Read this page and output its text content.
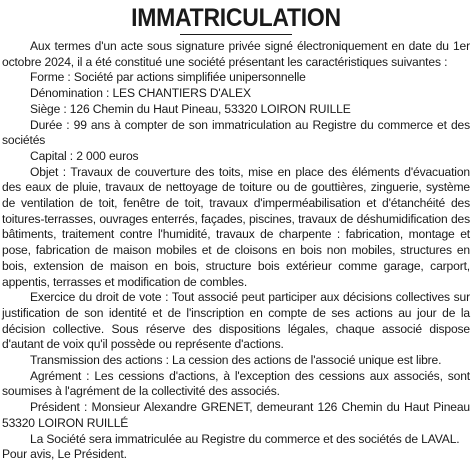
IMMATRICULATION

Aux termes d'un acte sous signature privée signé électroniquement en date du 1er octobre 2024, il a été constitué une société présentant les caractéristiques suivantes :

Forme : Société par actions simplifiée unipersonnelle

Dénomination : LES CHANTIERS D'ALEX

Siège : 126 Chemin du Haut Pineau, 53320 LOIRON RUILLE

Durée : 99 ans à compter de son immatriculation au Registre du commerce et des sociétés

Capital : 2 000 euros

Objet : Travaux de couverture des toits, mise en place des éléments d'évacuation des eaux de pluie, travaux de nettoyage de toiture ou de gouttières, zinguerie, système de ventilation de toit, fenêtre de toit, travaux d'imperméabilisation et d'étanchéité des toitures-terrasses, ouvrages enterrés, façades, piscines, travaux de déshumidification des bâtiments, traitement contre l'humidité, travaux de charpente : fabrication, montage et pose, fabrication de maison mobiles et de cloisons en bois non mobiles, structures en bois, extension de maison en bois, structure bois extérieur comme garage, carport, appentis, terrasses et modification de combles.

Exercice du droit de vote : Tout associé peut participer aux décisions collectives sur justification de son identité et de l'inscription en compte de ses actions au jour de la décision collective. Sous réserve des dispositions légales, chaque associé dispose d'autant de voix qu'il possède ou représente d'actions.

Transmission des actions : La cession des actions de l'associé unique est libre.

Agrément : Les cessions d'actions, à l'exception des cessions aux associés, sont soumises à l'agrément de la collectivité des associés.

Président : Monsieur Alexandre GRENET, demeurant 126 Chemin du Haut Pineau 53320 LOIRON RUILLÉ

La Société sera immatriculée au Registre du commerce et des sociétés de LAVAL.

Pour avis, Le Président.
